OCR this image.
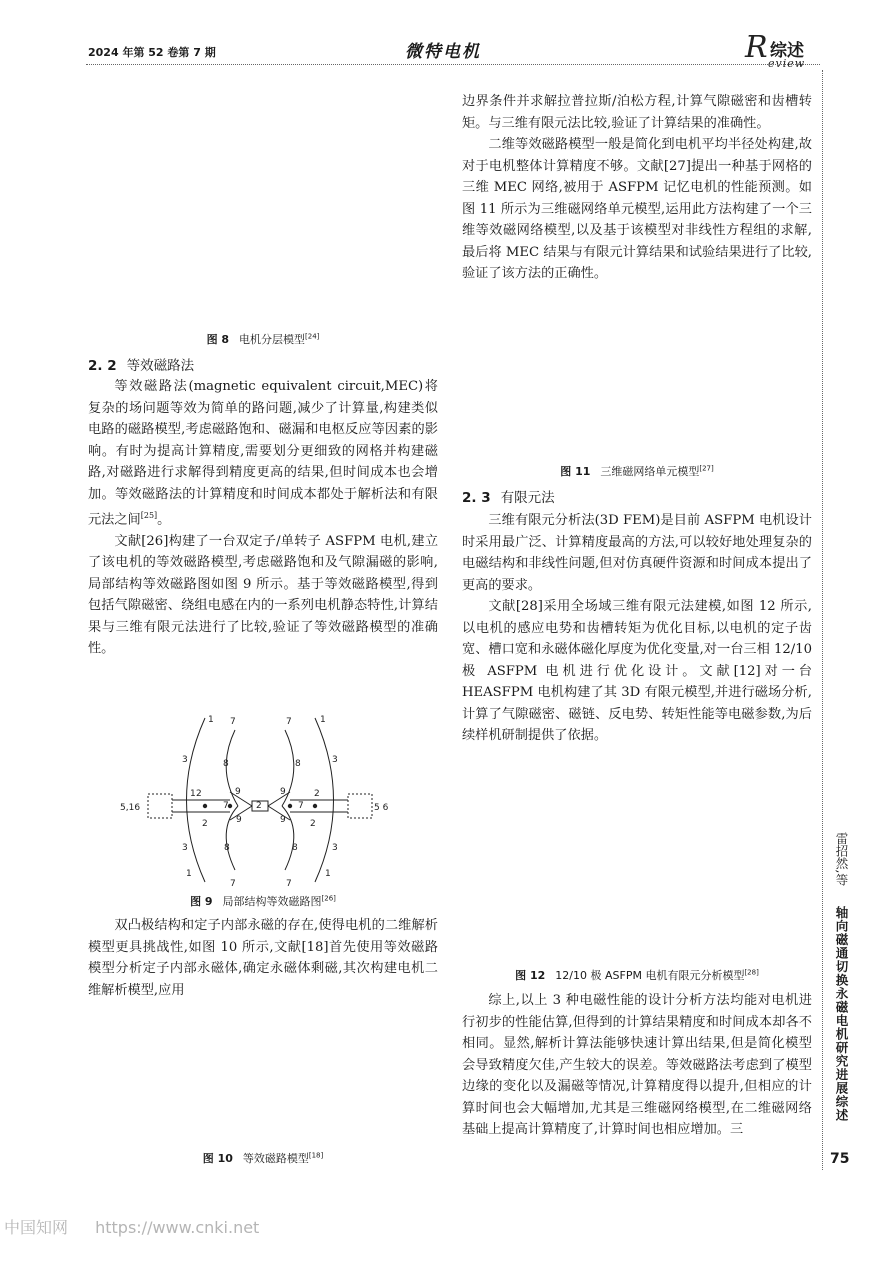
2024 年第 52 卷第 7 期	微特电机	R 综述
eview
图 8 电机分层模型[24]
2. 2 等效磁路法

等效磁路法(magnetic equivalent circuit,MEC)将复杂的场问题等效为简单的路问题,减少了计算量,构建类似电路的磁路模型,考虑磁路饱和、磁漏和电枢反应等因素的影响。有时为提高计算精度,需要划分更细致的网格并构建磁路,对磁路进行求解得到精度更高的结果,但时间成本也会增加。等效磁路法的计算精度和时间成本都处于解析法和有限元法之间[25]。

文献[26]构建了一台双定子/单转子 ASFPM 电机,建立了该电机的等效磁路模型,考虑磁路饱和及气隙漏磁的影响,局部结构等效磁路图如图 9 所示。基于等效磁路模型,得到包括气隙磁密、绕组电感在内的一系列电机静态特性,计算结果与三维有限元法进行了比较,验证了等效磁路模型的准确性。

1
3
1 2	9
7
7
8
2
9
7
7
8
2
3
1
5,16	5 6
3
1
3
1
8	8
7	7
2	2
9	9
图 9 局部结构等效磁路图[26]

双凸极结构和定子内部永磁的存在,使得电机的二维解析模型更具挑战性,如图 10 所示,文献[18]首先使用等效磁路模型分析定子内部永磁体,确定永磁体剩磁,其次构建电机二维解析模型,应用

图 10 等效磁路模型[18]

边界条件并求解拉普拉斯/泊松方程,计算气隙磁密和齿槽转矩。与三维有限元法比较,验证了计算结果的准确性。

二维等效磁路模型一般是简化到电机平均半径处构建,故对于电机整体计算精度不够。文献[27]提出一种基于网格的三维 MEC 网络,被用于 ASFPM 记忆电机的性能预测。如图 11 所示为三维磁网络单元模型,运用此方法构建了一个三维等效磁网络模型,以及基于该模型对非线性方程组的求解,最后将 MEC 结果与有限元计算结果和试验结果进行了比较,验证了该方法的正确性。

图 11 三维磁网络单元模型[27]
2. 3 有限元法

三维有限元分析法(3D FEM)是目前 ASFPM 电机设计时采用最广泛、计算精度最高的方法,可以较好地处理复杂的电磁结构和非线性问题,但对仿真硬件资源和时间成本提出了更高的要求。

文献[28]采用全场域三维有限元法建模,如图 12 所示,以电机的感应电势和齿槽转矩为优化目标,以电机的定子齿宽、槽口宽和永磁体磁化厚度为优化变量,对一台三相 12/10 极 ASFPM 电机进行优化设计。文献[12]对一台 HEASFPM 电机构建了其 3D 有限元模型,并进行磁场分析,计算了气隙磁密、磁链、反电势、转矩性能等电磁参数,为后续样机研制提供了依据。

图 12 12/10 极 ASFPM 电机有限元分析模型[28]

综上,以上 3 种电磁性能的设计分析方法均能对电机进行初步的性能估算,但得到的计算结果精度和时间成本却各不相同。显然,解析计算法能够快速计算出结果,但是简化模型会导致精度欠佳,产生较大的误差。等效磁路法考虑到了模型边缘的变化以及漏磁等情况,计算精度得以提升,但相应的计算时间也会大幅增加,尤其是三维磁网络模型,在二维磁网络基础上提高计算精度了,计算时间也相应增加。三

雷招然,等
轴向磁通切换永磁电机研究进展综述
75
中国知网 https://www.cnki.net
